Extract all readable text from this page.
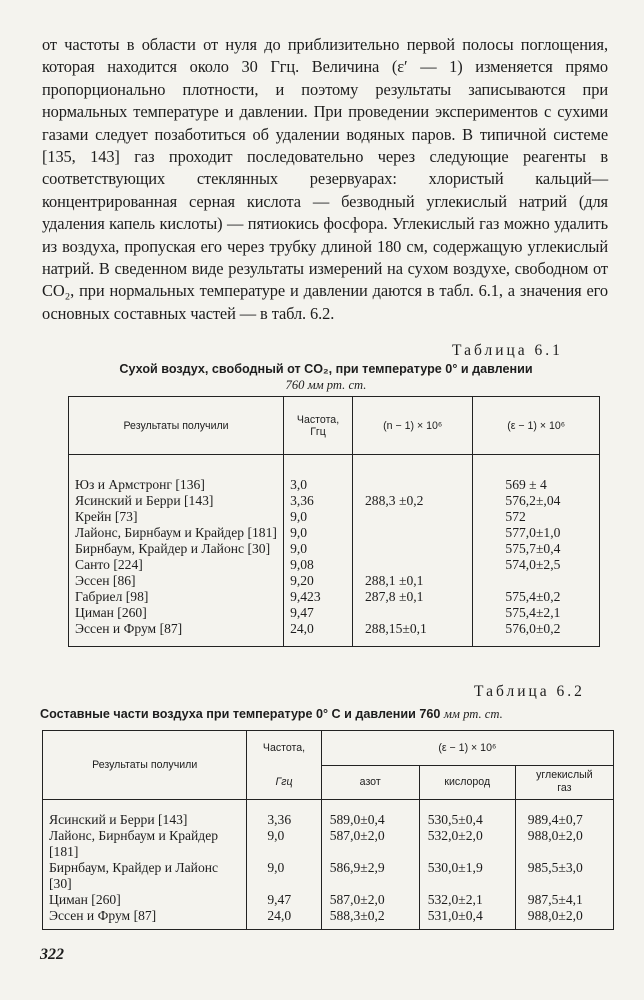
от частоты в области от нуля до приблизительно первой полосы поглощения, которая находится около 30 Ггц. Величина (ε′ — 1) изменяется прямо пропорционально плотности, и поэтому результаты записываются при нормальных температуре и давлении. При проведении экспериментов с сухими газами следует позаботиться об удалении водяных паров. В типичной системе [135, 143] газ проходит последовательно через следующие реагенты в соответствующих стеклянных резервуарах: хлористый кальций—концентрированная серная кислота — безводный углекислый натрий (для удаления капель кислоты) — пятиокись фосфора. Углекислый газ можно удалить из воздуха, пропуская его через трубку длиной 180 см, содержащую углекислый натрий. В сведенном виде результаты измерений на сухом воздухе, свободном от CO₂, при нормальных температуре и давлении даются в табл. 6.1, а значения его основных составных частей — в табл. 6.2.

Таблица 6.1
Сухой воздух, свободный от CO₂, при температуре 0° и давлении
760 мм рт. ст.
Результаты получили	Частота, Ггц	(n − 1) × 10⁶	(ε − 1) × 10⁶

Юз и Армстронг [136]	3,0		569 ± 4
Ясинский и Берри [143]	3,36	288,3 ±0,2	576,2±,04
Крейн [73]	9,0		572
Лайонс, Бирнбаум и Крайдер [181]	9,0		577,0±1,0
Бирнбаум, Крайдер и Лайонс [30]	9,0		575,7±0,4
Санто [224]	9,08		574,0±2,5
Эссен [86]	9,20	288,1 ±0,1	
Габриел [98]	9,423	287,8 ±0,1	575,4±0,2
Циман [260]	9,47		575,4±2,1
Эссен и Фрум [87]	24,0	288,15±0,1	576,0±0,2

Таблица 6.2
Составные части воздуха при температуре 0° С и давлении 760 мм рт. ст.
Результаты получили	Частота,
Ггц	(ε − 1) × 10⁶		
		азот	кислород	углекислый
газ

Ясинский и Берри [143]	3,36	589,0±0,4	530,5±0,4	989,4±0,7
Лайонс, Бирнбаум и Крайдер [181]	9,0	587,0±2,0	532,0±2,0	988,0±2,0
Бирнбаум, Крайдер и Лайонс [30]	9,0	586,9±2,9	530,0±1,9	985,5±3,0
Циман [260]	9,47	587,0±2,0	532,0±2,1	987,5±4,1
Эссен и Фрум [87]	24,0	588,3±0,2	531,0±0,4	988,0±2,0

322
